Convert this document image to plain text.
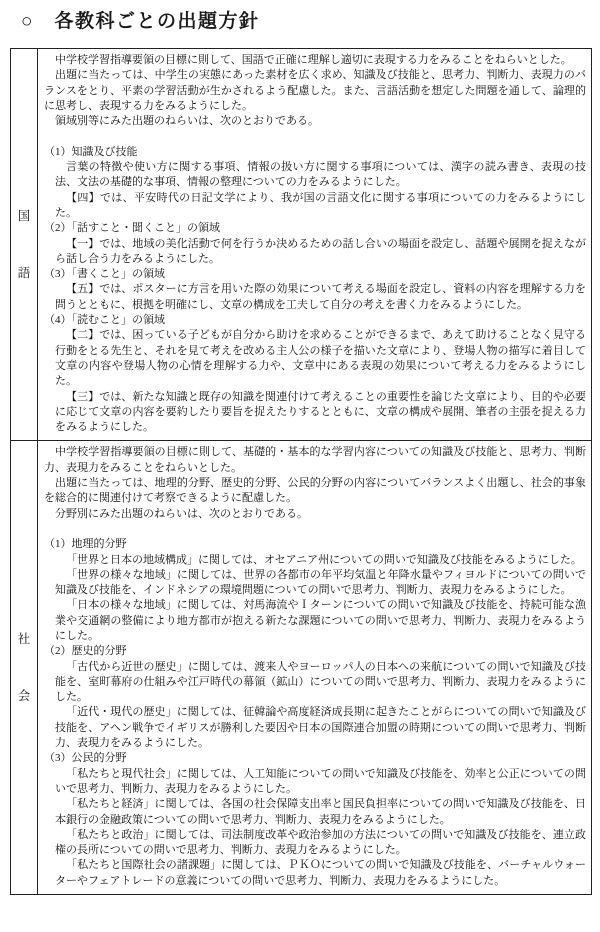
○　各教科ごとの出題方針
国
語

中学校学習指導要領の目標に則して、国語で正確に理解し適切に表現する力をみることをねらいとした。

出題に当たっては、中学生の実態にあった素材を広く求め、知識及び技能と、思考力、判断力、表現力のバランスをとり、平素の学習活動が生かされるよう配慮した。また、言語活動を想定した問題を通して、論理的に思考し、表現する力をみるようにした。

領域別等にみた出題のねらいは、次のとおりである。

（1）知識及び技能

言葉の特徴や使い方に関する事項、情報の扱い方に関する事項については、漢字の読み書き、表現の技法、文法の基礎的な事項、情報の整理についての力をみるようにした。

【四】では、平安時代の日記文学により、我が国の言語文化に関する事項についての力をみるようにした。

（2）「話すこと・聞くこと」の領域

【一】では、地域の美化活動で何を行うか決めるための話し合いの場面を設定し、話題や展開を捉えながら話し合う力をみるようにした。

（3）「書くこと」の領域

【五】では、ポスターに方言を用いた際の効果について考える場面を設定し、資料の内容を理解する力を問うとともに、根拠を明確にし、文章の構成を工夫して自分の考えを書く力をみるようにした。

（4）「読むこと」の領域

【二】では、困っている子どもが自分から助けを求めることができるまで、あえて助けることなく見守る行動をとる先生と、それを見て考えを改める主人公の様子を描いた文章により、登場人物の描写に着目して文章の内容や登場人物の心情を理解する力や、文章中にある表現の効果について考える力をみるようにした。

【三】では、新たな知識と既存の知識を関連付けて考えることの重要性を論じた文章により、目的や必要に応じて文章の内容を要約したり要旨を捉えたりするとともに、文章の構成や展開、筆者の主張を捉える力をみるようにした。

社
会

中学校学習指導要領の目標に則して、基礎的・基本的な学習内容についての知識及び技能と、思考力、判断力、表現力をみることをねらいとした。

出題に当たっては、地理的分野、歴史的分野、公民的分野の内容についてバランスよく出題し、社会的事象を総合的に関連付けて考察できるように配慮した。

分野別にみた出題のねらいは、次のとおりである。

（1）地理的分野

「世界と日本の地域構成」に関しては、オセアニア州についての問いで知識及び技能をみるようにした。

「世界の様々な地域」に関しては、世界の各都市の年平均気温と年降水量やフィヨルドについての問いで知識及び技能を、インドネシアの環境問題についての問いで思考力、判断力、表現力をみるようにした。

「日本の様々な地域」に関しては、対馬海流やＩターンについての問いで知識及び技能を、持続可能な漁業や交通網の整備により地方都市が抱える新たな課題についての問いで思考力、判断力、表現力をみるようにした。

（2）歴史的分野

「古代から近世の歴史」に関しては、渡来人やヨーロッパ人の日本への来航についての問いで知識及び技能を、室町幕府の仕組みや江戸時代の幕領（鉱山）についての問いで思考力、判断力、表現力をみるようにした。

「近代・現代の歴史」に関しては、征韓論や高度経済成長期に起きたことがらについての問いで知識及び技能を、アヘン戦争でイギリスが勝利した要因や日本の国際連合加盟の時期についての問いで思考力、判断力、表現力をみるようにした。

（3）公民的分野

「私たちと現代社会」に関しては、人工知能についての問いで知識及び技能を、効率と公正についての問いで思考力、判断力、表現力をみるようにした。

「私たちと経済」に関しては、各国の社会保障支出率と国民負担率についての問いで知識及び技能を、日本銀行の金融政策についての問いで思考力、判断力、表現力をみるようにした。

「私たちと政治」に関しては、司法制度改革や政治参加の方法についての問いで知識及び技能を、連立政権の長所についての問いで思考力、判断力、表現力をみるようにした。

「私たちと国際社会の諸課題」に関しては、ＰＫＯについての問いで知識及び技能を、バーチャルウォーターやフェアトレードの意義についての問いで思考力、判断力、表現力をみるようにした。
